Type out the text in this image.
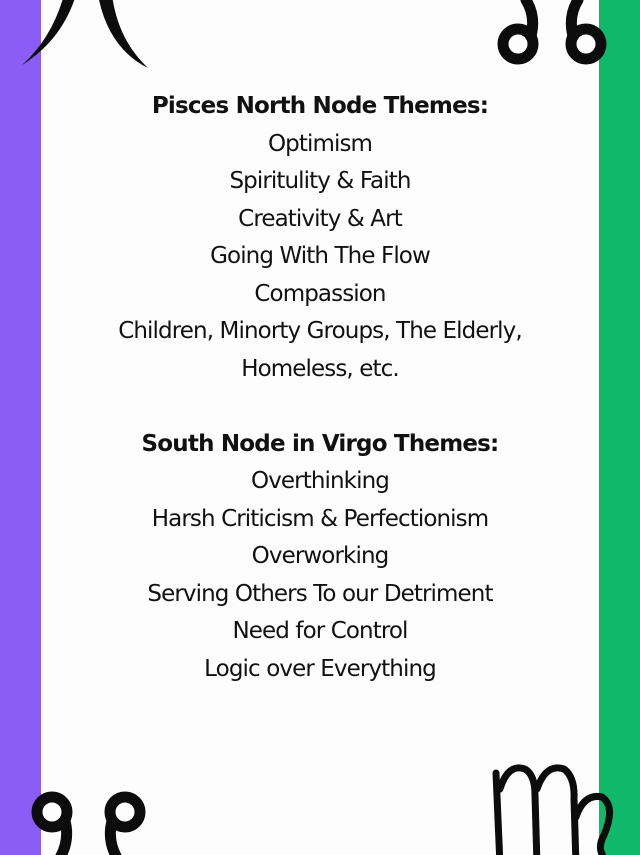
Pisces North Node Themes:
Optimism
Spiritulity & Faith
Creativity & Art
Going With The Flow
Compassion
Children, Minorty Groups, The Elderly,
Homeless, etc.
South Node in Virgo Themes:
Overthinking
Harsh Criticism & Perfectionism
Overworking
Serving Others To our Detriment
Need for Control
Logic over Everything
